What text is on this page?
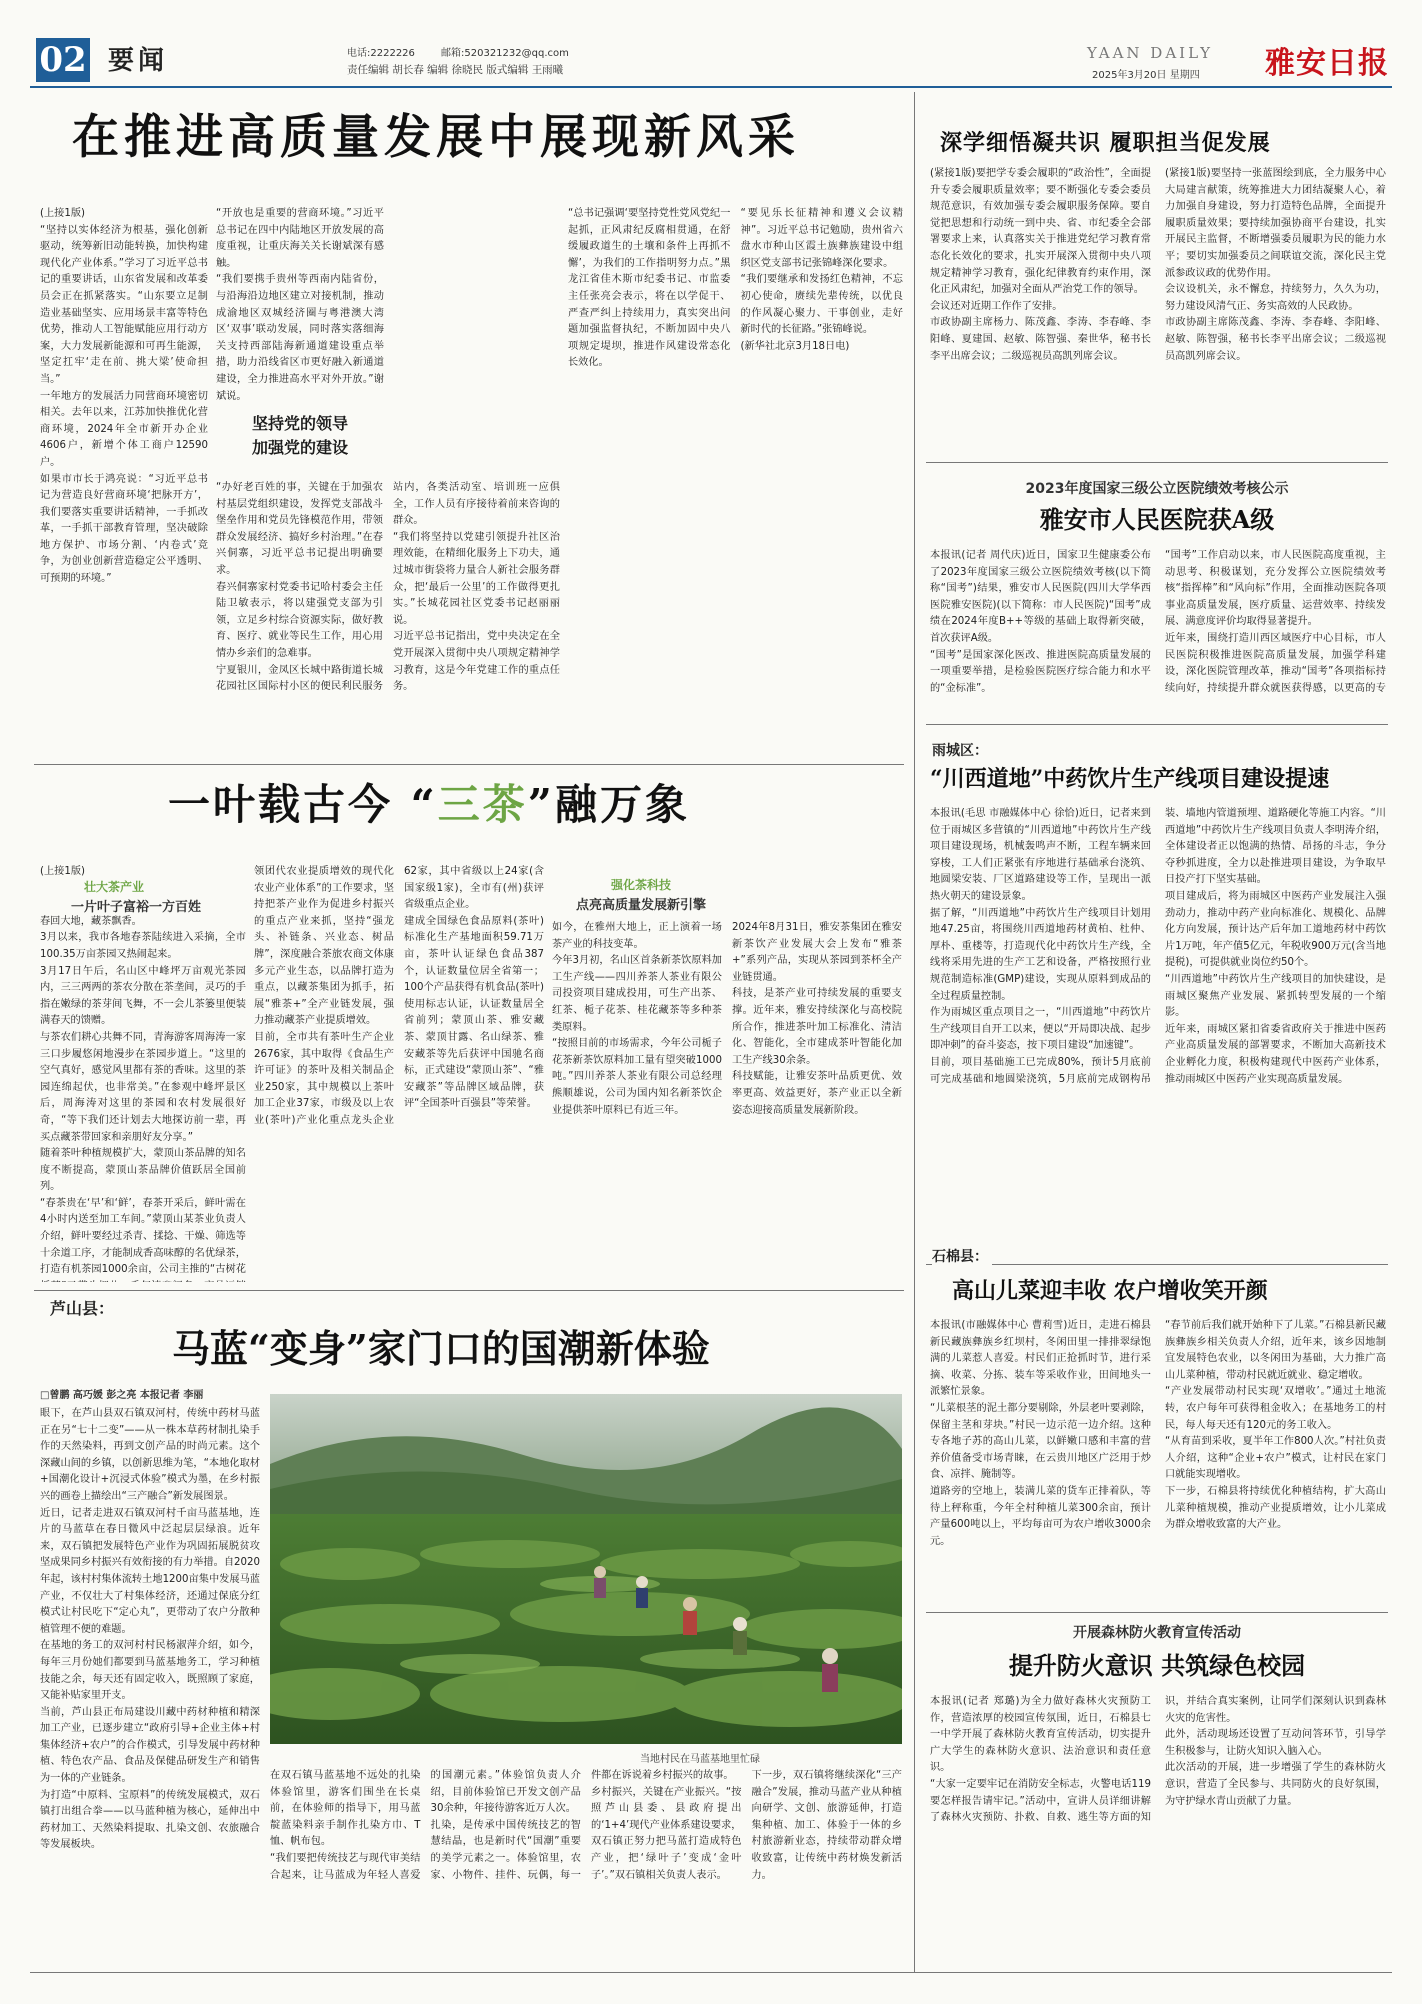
02 要闻	电话:2222226	邮箱:520321232@qq.com
责任编辑 胡长春 编辑 徐晓民 版式编辑 王雨曦
YAAN DAILY
2025年3月20日 星期四 雅安日报
在推进高质量发展中展现新风采
(上接1版)
“坚持以实体经济为根基，强化创新驱动，统筹新旧动能转换，加快构建现代化产业体系。”学习了习近平总书记的重要讲话，山东省发展和改革委员会正在抓紧落实。“山东要立足制造业基础坚实、应用场景丰富等特色优势，推动人工智能赋能应用行动方案，大力发展新能源和可再生能源，坚定扛牢‘走在前、挑大梁’使命担当。”
一年地方的发展活力同营商环境密切相关。去年以来，江苏加快推优化营商环境，2024年全市新开办企业4606户，新增个体工商户12590户。
如果市市长于鸿亮说：“习近平总书记为营造良好营商环境‘把脉开方’，我们要落实重要讲话精神，一手抓改革，一手抓干部教育管理，坚决破除地方保护、市场分割、‘内卷式’竞争，为创业创新营造稳定公平透明、可预期的环境。”
“开放也是重要的营商环境。”习近平总书记在四中内陆地区开放发展的高度重视，让重庆海关关长谢斌深有感触。
“我们要携手贵州等西南内陆省份，与沿海沿边地区建立对接机制，推动成渝地区双城经济圈与粤港澳大湾区‘双事’联动发展，同时落实落细海关支持西部陆海新通道建设重点举措，助力沿线省区市更好融入新通道建设，全力推进高水平对外开放。”谢斌说。
坚持党的领导
加强党的建设
“办好老百姓的事，关键在于加强农村基层党组织建设，发挥党支部战斗堡垒作用和党员先锋模范作用，带领群众发展经济、搞好乡村治理。”在春兴侗寨，习近平总书记提出明确要求。
春兴侗寨家村党委书记哈村委会主任陆卫敏表示，将以建强党支部为引领，立足乡村综合资源实际，做好教育、医疗、就业等民生工作，用心用情办乡亲们的急难事。
宁夏银川，金凤区长城中路街道长城花园社区国际村小区的便民利民服务站内，各类活动室、培训班一应俱全，工作人员有序接待着前来咨询的群众。
“我们将坚持以党建引领提升社区治理效能，在精细化服务上下功夫，通过城市街袋将力量合人新社会服务群众，把‘最后一公里’的工作做得更扎实。”长城花园社区党委书记赵丽丽说。
习近平总书记指出，党中央决定在全党开展深入贯彻中央八项规定精神学习教育，这是今年党建工作的重点任务。
“总书记强调‘要坚持党性党风党纪一起抓，正风肃纪反腐相贯通，在舒缓履政道生的土壤和条件上再抓不懈’，为我们的工作指明努力点。”黑龙江省佳木斯市纪委书记、市监委主任张亮会表示，将在以学促干、严查严纠上持续用力，真实突出问题加强监督执纪，不断加固中央八项规定堤坝，推进作风建设常态化长效化。
“要见乐长征精神和遵义会议精神”。习近平总书记勉励，贵州省六盘水市种山区霞土族彝族建设中组织区党支部书记张锦峰深化要求。
“我们要继承和发扬红色精神，不忘初心使命，赓续先辈传统，以优良的作风凝心聚力、干事创业，走好新时代的长征路。”张锦峰说。
(新华社北京3月18日电)
深学细悟凝共识 履职担当促发展
(紧接1版)要把学专委会履职的“政治性”，全面提升专委会履职质量效率；要不断强化专委会委员规范意识，有效加强专委会履职服务保障。要自觉把思想和行动统一到中央、省、市纪委全会部署要求上来，认真落实关于推进党纪学习教育常态化长效化的要求，扎实开展深入贯彻中央八项规定精神学习教育，强化纪律教育约束作用，深化正风肃纪，加强对全面从严治党工作的领导。
会议还对近期工作作了安排。
市政协副主席杨力、陈茂鑫、李涛、李春峰、李阳峰、夏建国、赵敏、陈智强、秦世华，秘书长李平出席会议；二级巡视员高凯列席会议。

(紧接1版)要坚持一张蓝图绘到底，全力服务中心大局建言献策，统筹推进大力团结凝聚人心，着力加强自身建设，努力打造特色品牌，全面提升履职质量效果；要持续加强协商平台建设，扎实开展民主监督，不断增强委员履职为民的能力水平；要切实加强委员之间联谊交流，深化民主党派参政议政的优势作用。
会议设机关，永不懈怠，持续努力，久久为功，努力建设风清气正、务实高效的人民政协。
市政协副主席陈茂鑫、李涛、李春峰、李阳峰、赵敏、陈智强，秘书长李平出席会议；二级巡视员高凯列席会议。
2023年度国家三级公立医院绩效考核公示
雅安市人民医院获A级
本报讯(记者 周代庆)近日，国家卫生健康委公布了2023年度国家三级公立医院绩效考核(以下简称“国考”)结果，雅安市人民医院(四川大学华西医院雅安医院)(以下简称：市人民医院)“国考”成绩在2024年度B++等级的基础上取得新突破，首次获评A级。
“国考”是国家深化医改、推进医院高质量发展的一项重要举措，是检验医院医疗综合能力和水平的“金标准”。
“国考”工作启动以来，市人民医院高度重视，主动思考、积极谋划，充分发挥公立医院绩效考核“指挥棒”和“风向标”作用，全面推动医院各项事业高质量发展，医疗质量、运营效率、持续发展、满意度评价均取得显著提升。
近年来，围绕打造川西区域医疗中心目标，市人民医院积极推进医院高质量发展，加强学科建设，深化医院管理改革，推动“国考”各项指标持续向好，持续提升群众就医获得感，以更高的专
雨城区：
“川西道地”中药饮片生产线项目建设提速
本报讯(毛思 市融媒体中心 徐恰)近日，记者来到位于雨城区多营镇的“川西道地”中药饮片生产线项目建设现场，机械轰鸣声不断，工程车辆来回穿梭，工人们正紧张有序地进行基础承台浇筑、地圆梁安装、厂区道路建设等工作，呈现出一派热火朝天的建设景象。
据了解，“川西道地”中药饮片生产线项目计划用地47.25亩，将围绕川西道地药材黄柏、杜仲、厚朴、重楼等，打造现代化中药饮片生产线，全线将采用先进的生产工艺和设备，严格按照行业规范制造标准(GMP)建设，实现从原料到成品的全过程质量控制。
作为雨城区重点项目之一，“川西道地”中药饮片生产线项目自开工以来，便以“开局即决战、起步即冲刺”的奋斗姿态，按下项目建设“加速键”。
目前，项目基础施工已完成80%，预计5月底前可完成基础和地圆梁浇筑，5月底前完成钢构吊装、墙地内管道预埋、道路硬化等施工内容。“川西道地”中药饮片生产线项目负责人李明涛介绍，全体建设者正以饱满的热情、昂扬的斗志，争分夺秒抓进度，全力以赴推进项目建设，为争取早日投产打下坚实基础。
项目建成后，将为雨城区中医药产业发展注入强劲动力，推动中药产业向标准化、规模化、品牌化方向发展，预计达产后年加工道地药材中药饮片1万吨，年产值5亿元，年税收900万元(含当地提税)，可提供就业岗位约50个。
“川西道地”中药饮片生产线项目的加快建设，是雨城区聚焦产业发展、紧抓转型发展的一个缩影。
近年来，雨城区紧扣省委省政府关于推进中医药产业高质量发展的部署要求，不断加大高新技术企业孵化力度，积极构建现代中医药产业体系，推动雨城区中医药产业实现高质量发展。
石棉县：
高山儿菜迎丰收 农户增收笑开颜
本报讯(市融媒体中心 曹莉雪)近日，走进石棉县新民藏族彝族乡红坝村，冬闲田里一排排翠绿饱满的儿菜惹人喜爱。村民们正抢抓时节，进行采摘、收菜、分拣、装车等采收作业，田间地头一派繁忙景象。
“儿菜根茎的泥土都分要剔除，外层老叶要剥除，保留主茎和芽块。”村民一边示范一边介绍。这种专各地子苏的高山儿菜，以鲜嫩口感和丰富的营养价值备受市场青睐，在云贵川地区广泛用于炒食、凉拌、腌制等。
道路旁的空地上，装满儿菜的货车正排着队，等待上秤称重，今年全村种植儿菜300余亩，预计产量600吨以上，平均每亩可为农户增收3000余元。
“春节前后我们就开始种下了儿菜。”石棉县新民藏族彝族乡相关负责人介绍，近年来，该乡因地制宜发展特色农业，以冬闲田为基础，大力推广高山儿菜种植，带动村民就近就业、稳定增收。
“产业发展带动村民实现‘双增收’。”通过土地流转，农户每年可获得租金收入；在基地务工的村民，每人每天还有120元的务工收入。
“从育苗到采收，夏半年工作800人次。”村社负责人介绍，这种“企业+农户”模式，让村民在家门口就能实现增收。
下一步，石棉县将持续优化种植结构，扩大高山儿菜种植规模，推动产业提质增效，让小儿菜成为群众增收致富的大产业。
开展森林防火教育宣传活动
提升防火意识 共筑绿色校园
本报讯(记者 郑璐)为全力做好森林火灾预防工作，营造浓厚的校园宣传氛围，近日，石棉县七一中学开展了森林防火教育宣传活动，切实提升广大学生的森林防火意识、法治意识和责任意识。
“大家一定要牢记在消防安全标志，火警电话119要怎样报告请牢记。”活动中，宣讲人员详细讲解了森林火灾预防、扑救、自救、逃生等方面的知识，并结合真实案例，让同学们深刻认识到森林火灾的危害性。
此外，活动现场还设置了互动问答环节，引导学生积极参与，让防火知识入脑入心。
此次活动的开展，进一步增强了学生的森林防火意识，营造了全民参与、共同防火的良好氛围，为守护绿水青山贡献了力量。
一叶载古今 “三茶”融万象
壮大茶产业
一片叶子富裕一方百姓
(上接1版)

春回大地，藏茶飘香。
3月以来，我市各地春茶陆续进入采摘，全市100.35万亩茶园又热闹起来。
3月17日午后，名山区中峰坪万亩观光茶园内，三三两两的茶农分散在茶垄间，灵巧的手指在嫩绿的茶芽间飞舞，不一会儿茶篓里便装满春天的馈赠。
与茶农们耕心共舞不同，青海游客周海涛一家三口步履悠闲地漫步在茶园步道上。“这里的空气真好，感觉风里都有茶的香味。这里的茶园连绵起伏，也非常美。”在参观中峰坪景区后，周海涛对这里的茶园和农村发展很好奇，“等下我们还计划去大地探访前一辈，再买点藏茶带回家和亲朋好友分享。”
随着茶叶种植规模扩大，蒙顶山茶品牌的知名度不断提高，蒙顶山茶品牌价值跃居全国前列。
“春茶贵在‘早’和‘鲜’，春茶开采后，鲜叶需在4小时内送至加工车间。”蒙顶山某茶业负责人介绍，鲜叶要经过杀青、揉捻、干燥、筛选等十余道工序，才能制成香高味醇的名优绿茶，打造有机茶园1000余亩，公司主推的“古树花
领团代农业提质增效的现代化农业产业体系”的工作要求，坚持把茶产业作为促进乡村振兴的重点产业来抓，坚持“强龙头、补链条、兴业态、树品牌”，深度融合茶旅农商文体康多元产业生态，以品牌打造为重点，以藏茶集团为抓手，拓展“雅茶+”全产业链发展，强力推动藏茶产业提质增效。
目前，全市共有茶叶生产企业2676家，其中取得《食品生产许可证》的茶叶及相关制品企业250家，其中规模以上茶叶加工企业37家，市级及以上农业(茶叶)产业化重点龙头企业62家，其中省级以上24家(含国家级1家)，全市有(州)获评省级重点企业。
建成全国绿色食品原料(茶叶)标准化生产基地面积59.71万亩，茶叶认证绿色食品387个，认证数量位居全省第一；100个产品获得有机食品(茶叶)使用标志认证，认证数量居全省前列；蒙顶山茶、雅安藏茶、蒙顶甘露、名山绿茶、雅安藏茶等先后获评中国驰名商标，正式建设“蒙顶山茶”、“雅安藏茶”等品牌区域品牌，获评“全国茶叶百强县”等荣誉。
强化茶科技
点亮高质量发展新引擎
如今，在雅州大地上，正上演着一场茶产业的科技变革。
今年3月初，名山区首条新茶饮原料加工生产线——四川养茶人茶业有限公司投资项目建成投用，可生产出茶、红茶、栀子花茶、桂花藏茶等多种茶类原料。
“按照目前的市场需求，今年公司栀子花茶新茶饮原料加工量有望突破1000吨。”四川养茶人茶业有限公司总经理熊顺雄说，公司为国内知名新茶饮企业提供茶叶原料已有近三年。
2024年8月31日，雅安茶集团在雅安新茶饮产业发展大会上发布“雅茶+”系列产品，实现从茶园到茶杯全产业链贯通。
科技，是茶产业可持续发展的重要支撑。近年来，雅安持续深化与高校院所合作，推进茶叶加工标准化、清洁化、智能化，全市建成茶叶智能化加工生产线30余条。
科技赋能，让雅安茶叶品质更优、效率更高、效益更好，茶产业正以全新姿态迎接高质量发展新阶段。
芦山县：
马蓝“变身”家门口的国潮新体验
□曾鹏 高巧媛 彭之亮 本报记者 李丽
眼下，在芦山县双石镇双河村，传统中药材马蓝正在另“七十二变”——从一株本草药材制扎染手作的天然染料，再到文创产品的时尚元素。这个深藏山间的乡镇，以创新思维为笔，“本地化取材+国潮化设计+沉浸式体验”模式为墨，在乡村振兴的画卷上描绘出“三产融合”新发展图景。
近日，记者走进双石镇双河村千亩马蓝基地，连片的马蓝草在春日微风中泛起层层绿浪。近年来，双石镇把发展特色产业作为巩固拓展脱贫攻坚成果同乡村振兴有效衔接的有力举措。自2020年起，该村村集体流转土地1200亩集中发展马蓝产业，不仅壮大了村集体经济，还通过保底分红模式让村民吃下“定心丸”，更带动了农户分散种植管理不便的难题。
在基地的务工的双河村村民杨淑萍介绍，如今，每年三月份她们都要到马蓝基地务工，学习种植技能之余，每天还有固定收入，既照顾了家庭，又能补贴家里开支。
当前，芦山县正布局建设川藏中药材种植和精深加工产业，已逐步建立“政府引导+企业主体+村集体经济+农户”的合作模式，引导发展中药材种植、特色农产品、食品及保健品研发生产和销售为一体的产业链条。
为打造“中原料、宝原料”的传统发展模式，双石镇打出组合拳——以马蓝种植为核心，延伸出中药材加工、天然染料提取、扎染文创、农旅融合等发展板块。
当地村民在马蓝基地里忙碌
在双石镇马蓝基地不远处的扎染体验馆里，游客们围坐在长桌前，在体验师的指导下，用马蓝靛蓝染料亲手制作扎染方巾、T恤、帆布包。
“我们要把传统技艺与现代审美结合起来，让马蓝成为年轻人喜爱的国潮元素。”体验馆负责人介绍，目前体验馆已开发文创产品30余种，年接待游客近万人次。
扎染，是传承中国传统技艺的智慧结晶，也是新时代“国潮”重要的美学元素之一。体验馆里，农家、小物件、挂件、玩偶，每一件都在诉说着乡村振兴的故事。
乡村振兴，关键在产业振兴。“按照芦山县委、县政府提出的‘1+4’现代产业体系建设要求，双石镇正努力把马蓝打造成特色产业，把‘绿叶子’变成‘金叶子’。”双石镇相关负责人表示。
下一步，双石镇将继续深化“三产融合”发展，推动马蓝产业从种植向研学、文创、旅游延伸，打造集种植、加工、体验于一体的乡村旅游新业态，持续带动群众增收致富，让传统中药材焕发新活力。
